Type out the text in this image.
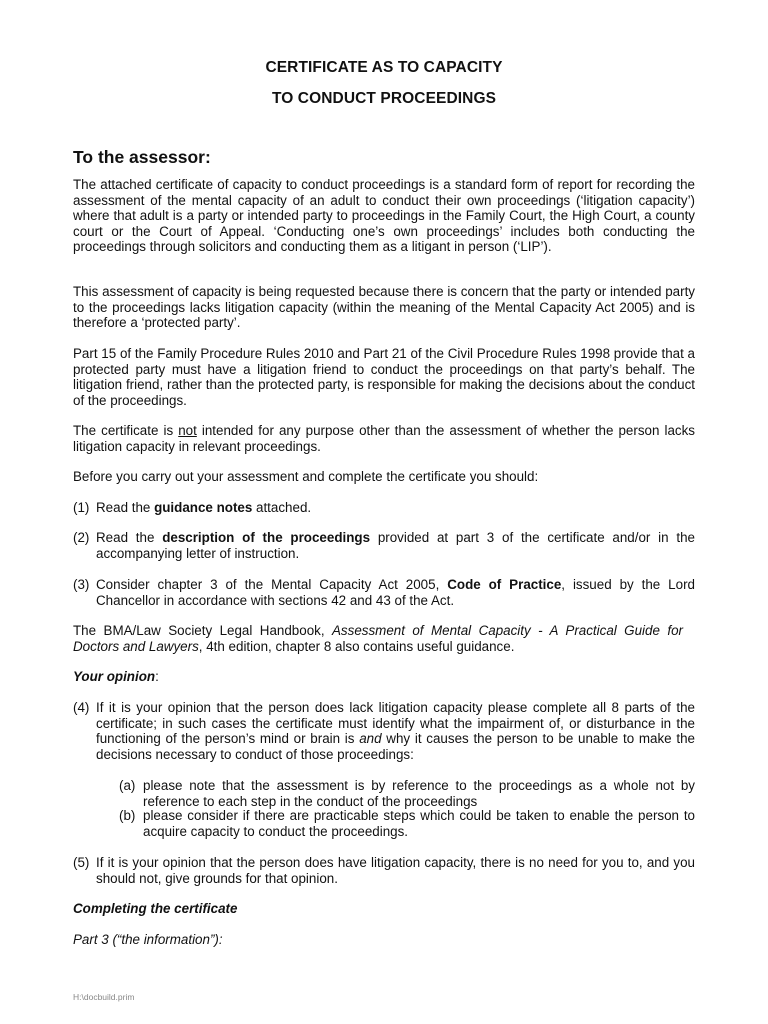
CERTIFICATE AS TO CAPACITY
TO CONDUCT PROCEEDINGS
To the assessor:
The attached certificate of capacity to conduct proceedings is a standard form of report for recording the assessment of the mental capacity of an adult to conduct their own proceedings (‘litigation capacity’) where that adult is a party or intended party to proceedings in the Family Court, the High Court, a county court or the Court of Appeal. ‘Conducting one’s own proceedings’ includes both conducting the proceedings through solicitors and conducting them as a litigant in person (‘LIP’).
This assessment of capacity is being requested because there is concern that the party or intended party to the proceedings lacks litigation capacity (within the meaning of the Mental Capacity Act 2005) and is therefore a ‘protected party’.
Part 15 of the Family Procedure Rules 2010 and Part 21 of the Civil Procedure Rules 1998 provide that a protected party must have a litigation friend to conduct the proceedings on that party’s behalf. The litigation friend, rather than the protected party, is responsible for making the decisions about the conduct of the proceedings.
The certificate is not intended for any purpose other than the assessment of whether the person lacks litigation capacity in relevant proceedings.
Before you carry out your assessment and complete the certificate you should:
(1) Read the guidance notes attached.
(2) Read the description of the proceedings provided at part 3 of the certificate and/or in the accompanying letter of instruction.
(3) Consider chapter 3 of the Mental Capacity Act 2005, Code of Practice, issued by the Lord Chancellor in accordance with sections 42 and 43 of the Act.
The BMA/Law Society Legal Handbook, Assessment of Mental Capacity - A Practical Guide for Doctors and Lawyers, 4th edition, chapter 8 also contains useful guidance.
Your opinion:
(4) If it is your opinion that the person does lack litigation capacity please complete all 8 parts of the certificate; in such cases the certificate must identify what the impairment of, or disturbance in the functioning of the person’s mind or brain is and why it causes the person to be unable to make the decisions necessary to conduct of those proceedings:
(a) please note that the assessment is by reference to the proceedings as a whole not by reference to each step in the conduct of the proceedings
(b) please consider if there are practicable steps which could be taken to enable the person to acquire capacity to conduct the proceedings.
(5) If it is your opinion that the person does have litigation capacity, there is no need for you to, and you should not, give grounds for that opinion.
Completing the certificate
Part 3 (“the information”):
H:\docbuild.prim
